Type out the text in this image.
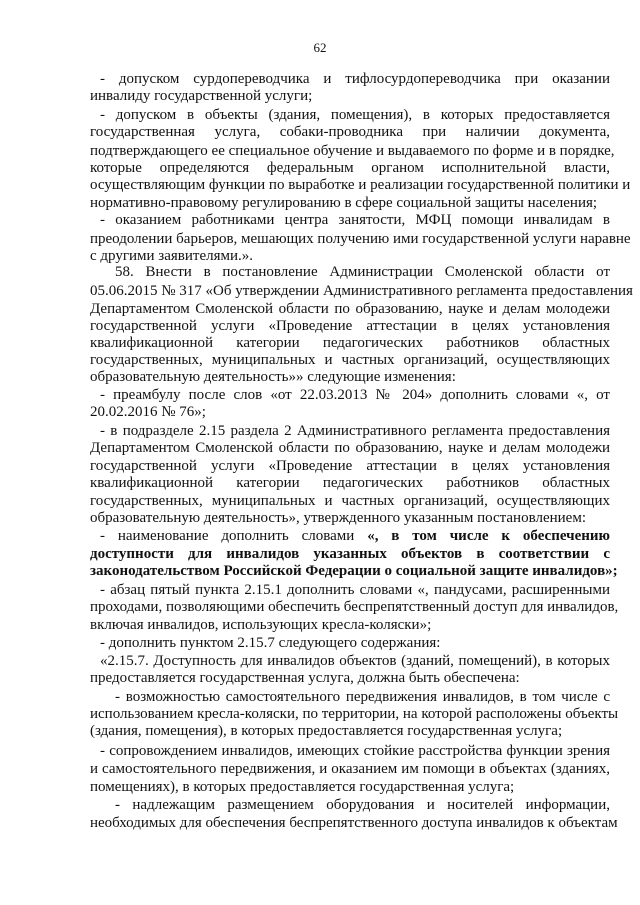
62

- допуском сурдопереводчика и тифлосурдопереводчика при оказании

инвалиду государственной услуги;

- допуском в объекты (здания, помещения), в которых предоставляется

государственная услуга, собаки-проводника при наличии документа,

подтверждающего ее специальное обучение и выдаваемого по форме и в порядке,

которые определяются федеральным органом исполнительной власти,

осуществляющим функции по выработке и реализации государственной политики и

нормативно-правовому регулированию в сфере социальной защиты населения;

- оказанием работниками центра занятости, МФЦ помощи инвалидам в

преодолении барьеров, мешающих получению ими государственной услуги наравне

с другими заявителями.».

58. Внести в постановление Администрации Смоленской области от

05.06.2015 № 317 «Об утверждении Административного регламента предоставления

Департаментом Смоленской области по образованию, науке и делам молодежи

государственной услуги «Проведение аттестации в целях установления

квалификационной категории педагогических работников областных

государственных, муниципальных и частных организаций, осуществляющих

образовательную деятельность»» следующие изменения:

- преамбулу после слов «от 22.03.2013 № 204» дополнить словами «, от

20.02.2016 № 76»;

- в подразделе 2.15 раздела 2 Административного регламента предоставления

Департаментом Смоленской области по образованию, науке и делам молодежи

государственной услуги «Проведение аттестации в целях установления

квалификационной категории педагогических работников областных

государственных, муниципальных и частных организаций, осуществляющих

образовательную деятельность», утвержденного указанным постановлением:

- наименование дополнить словами «, в том числе к обеспечению

доступности для инвалидов указанных объектов в соответствии с

законодательством Российской Федерации о социальной защите инвалидов»;

- абзац пятый пункта 2.15.1 дополнить словами «, пандусами, расширенными

проходами, позволяющими обеспечить беспрепятственный доступ для инвалидов,

включая инвалидов, использующих кресла-коляски»;

- дополнить пунктом 2.15.7 следующего содержания:

«2.15.7. Доступность для инвалидов объектов (зданий, помещений), в которых

предоставляется государственная услуга, должна быть обеспечена:

- возможностью самостоятельного передвижения инвалидов, в том числе с

использованием кресла-коляски, по территории, на которой расположены объекты

(здания, помещения), в которых предоставляется государственная услуга;

- сопровождением инвалидов, имеющих стойкие расстройства функции зрения

и самостоятельного передвижения, и оказанием им помощи в объектах (зданиях,

помещениях), в которых предоставляется государственная услуга;

- надлежащим размещением оборудования и носителей информации,

необходимых для обеспечения беспрепятственного доступа инвалидов к объектам
